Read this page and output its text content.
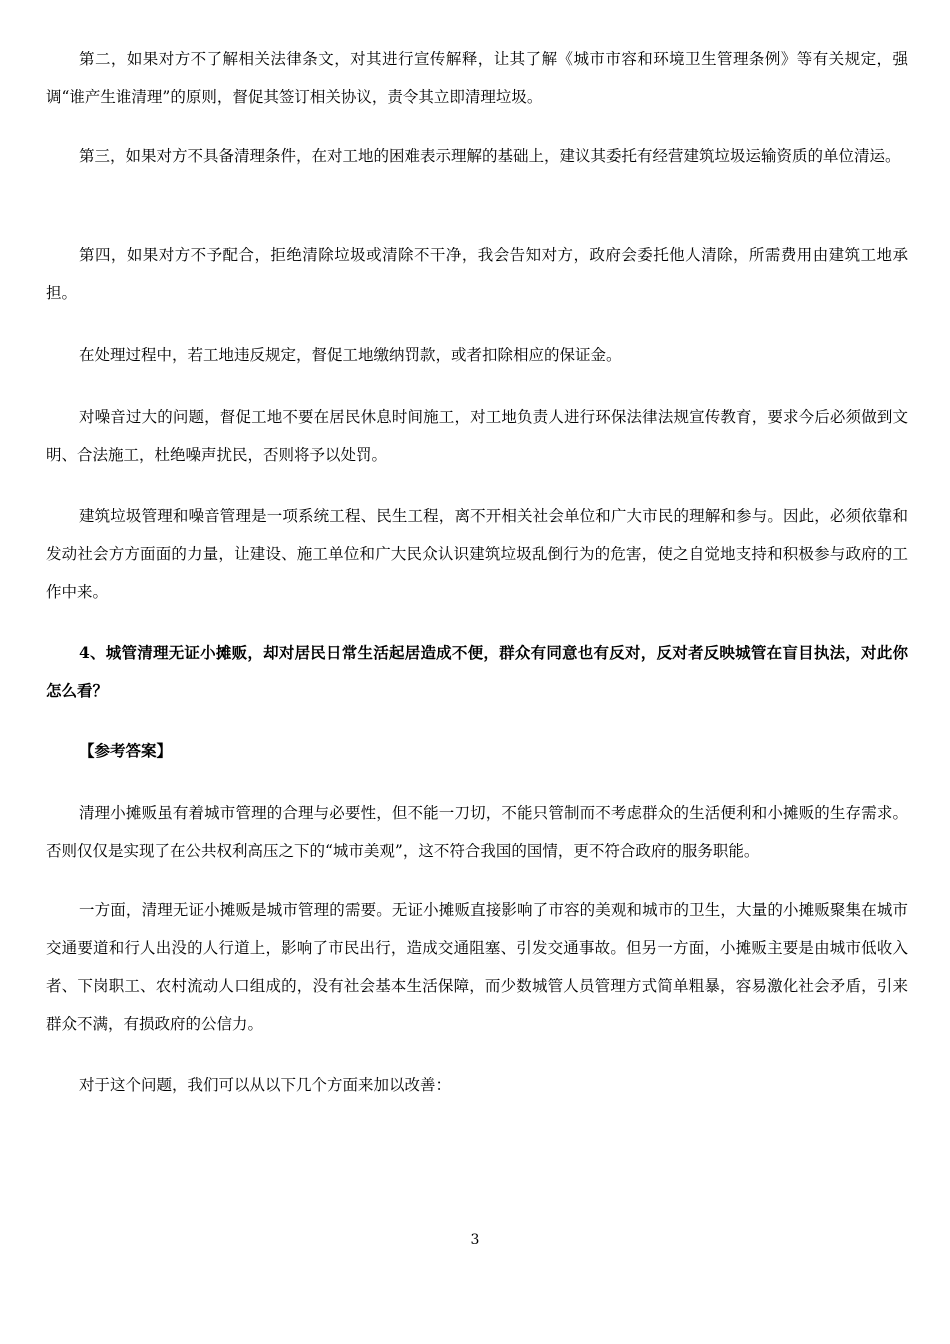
第二，如果对方不了解相关法律条文，对其进行宣传解释，让其了解《城市市容和环境卫生管理条例》等有关规定，强调“谁产生谁清理”的原则，督促其签订相关协议，责令其立即清理垃圾。

第三，如果对方不具备清理条件，在对工地的困难表示理解的基础上，建议其委托有经营建筑垃圾运输资质的单位清运。

第四，如果对方不予配合，拒绝清除垃圾或清除不干净，我会告知对方，政府会委托他人清除，所需费用由建筑工地承担。

在处理过程中，若工地违反规定，督促工地缴纳罚款，或者扣除相应的保证金。

对噪音过大的问题，督促工地不要在居民休息时间施工，对工地负责人进行环保法律法规宣传教育，要求今后必须做到文明、合法施工，杜绝噪声扰民，否则将予以处罚。

建筑垃圾管理和噪音管理是一项系统工程、民生工程，离不开相关社会单位和广大市民的理解和参与。因此，必须依靠和发动社会方方面面的力量，让建设、施工单位和广大民众认识建筑垃圾乱倒行为的危害，使之自觉地支持和积极参与政府的工作中来。

4、城管清理无证小摊贩，却对居民日常生活起居造成不便，群众有同意也有反对，反对者反映城管在盲目执法，对此你怎么看？

【参考答案】

清理小摊贩虽有着城市管理的合理与必要性，但不能一刀切，不能只管制而不考虑群众的生活便利和小摊贩的生存需求。否则仅仅是实现了在公共权利高压之下的“城市美观”，这不符合我国的国情，更不符合政府的服务职能。

一方面，清理无证小摊贩是城市管理的需要。无证小摊贩直接影响了市容的美观和城市的卫生，大量的小摊贩聚集在城市交通要道和行人出没的人行道上，影响了市民出行，造成交通阻塞、引发交通事故。但另一方面，小摊贩主要是由城市低收入者、下岗职工、农村流动人口组成的，没有社会基本生活保障，而少数城管人员管理方式简单粗暴，容易激化社会矛盾，引来群众不满，有损政府的公信力。

对于这个问题，我们可以从以下几个方面来加以改善：

3
